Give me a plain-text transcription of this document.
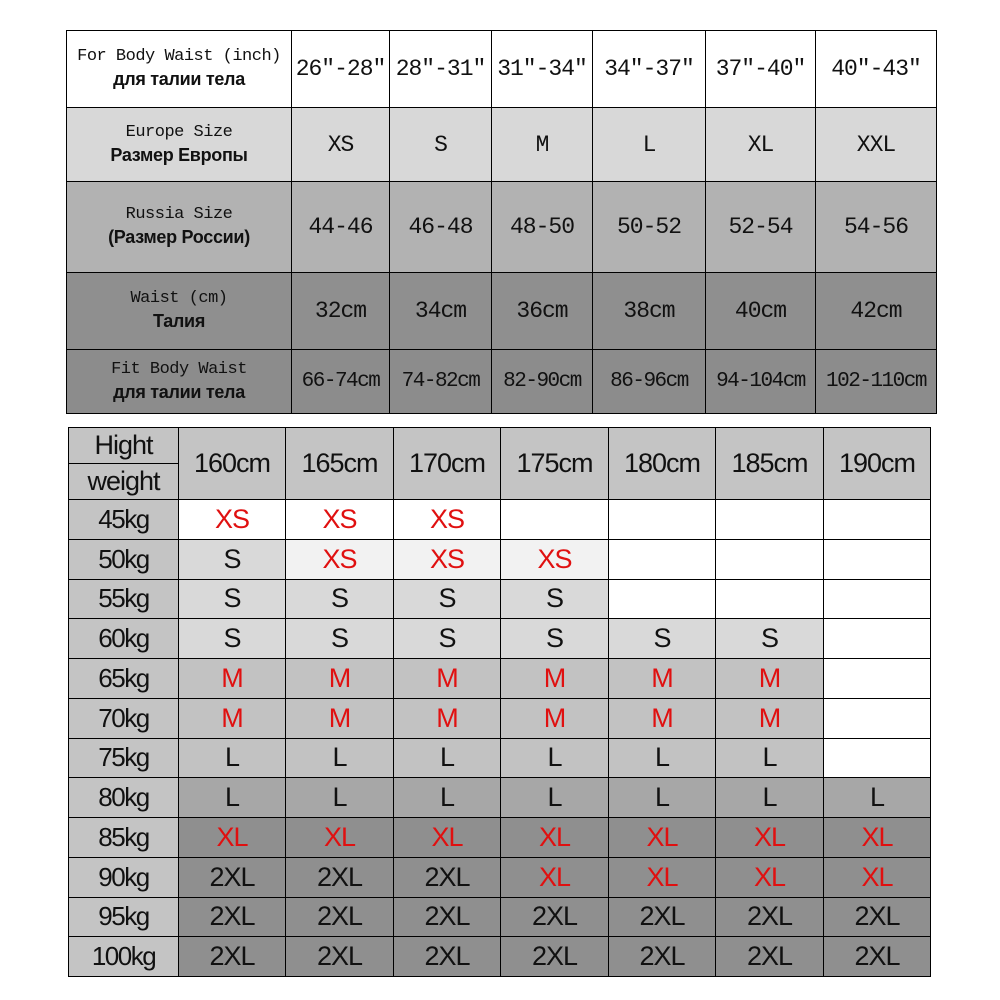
For Body Waist (inch)
для талии тела	26″-28″	28″-31″	31″-34″	34″-37″	37″-40″	40″-43″

Europe Size
Размер Европы	XS	S	M	L	XL	XXL

Russia Size
(Размер России)	44-46	46-48	48-50	50-52	52-54	54-56

Waist (cm)
Талия	32cm	34cm	36cm	38cm	40cm	42cm

Fit Body Waist
для талии тела	66-74cm	74-82cm	82-90cm	86-96cm	94-104cm	102-110cm
Hight
weight	160cm	165cm	170cm	175cm	180cm	185cm	190cm
45kg	XS	XS	XS				
50kg	S	XS	XS	XS			
55kg	S	S	S	S			
60kg	S	S	S	S	S	S	
65kg	M	M	M	M	M	M	
70kg	M	M	M	M	M	M	
75kg	L	L	L	L	L	L	
80kg	L	L	L	L	L	L	L
85kg	XL	XL	XL	XL	XL	XL	XL
90kg	2XL	2XL	2XL	XL	XL	XL	XL
95kg	2XL	2XL	2XL	2XL	2XL	2XL	2XL
100kg	2XL	2XL	2XL	2XL	2XL	2XL	2XL
